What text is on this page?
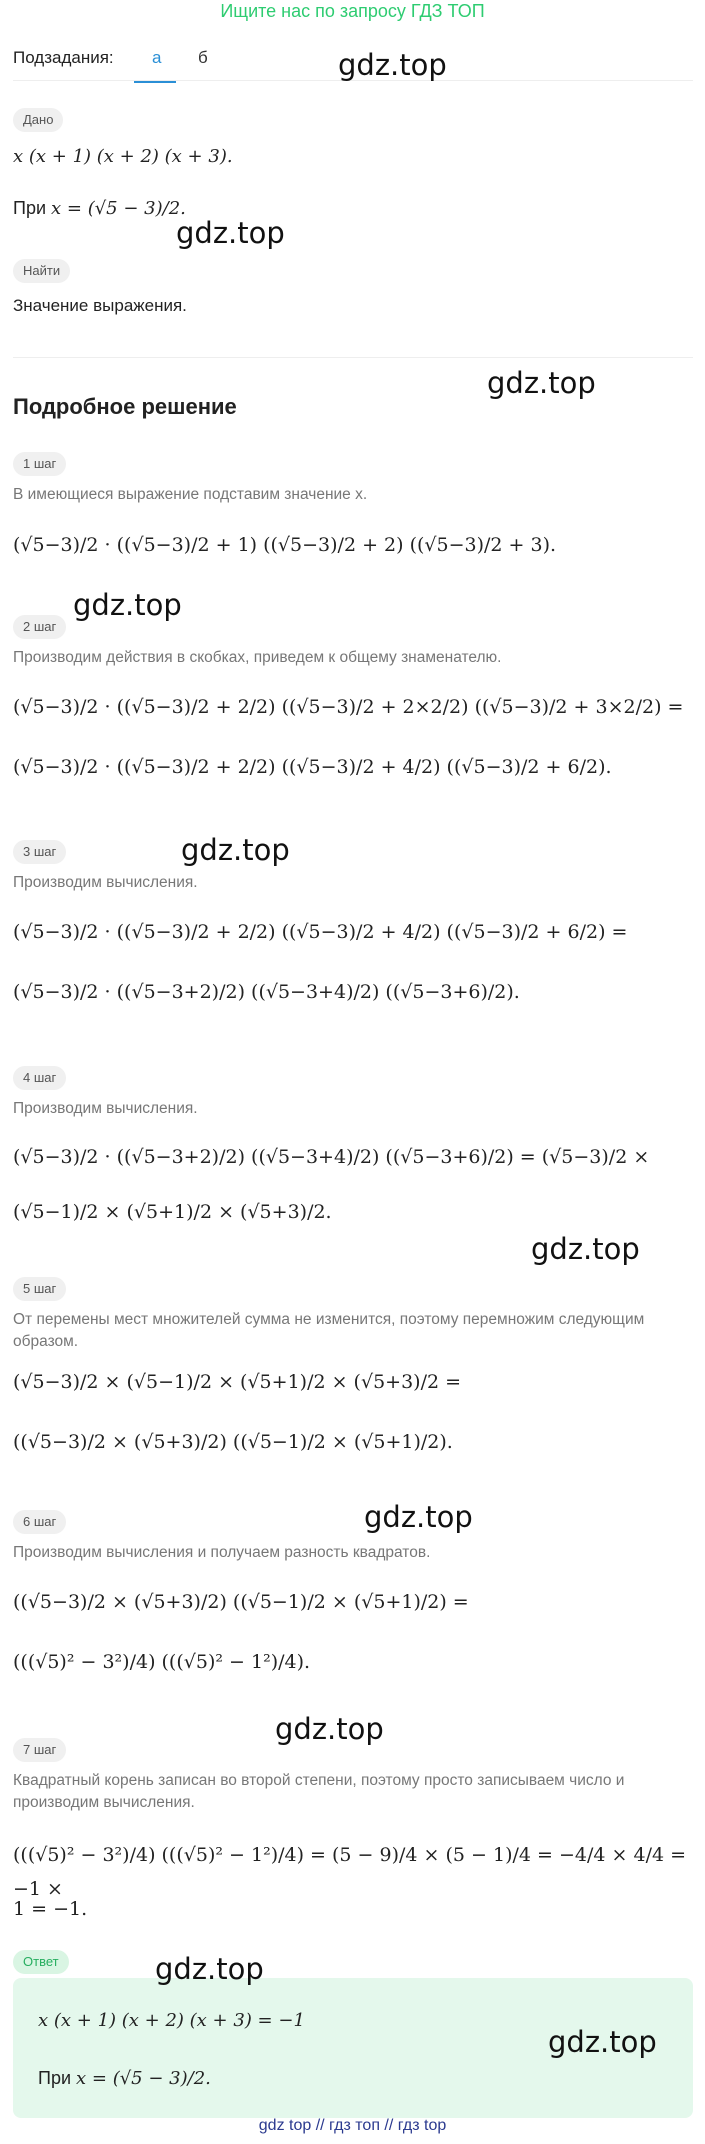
Ищите нас по запросу ГДЗ ТОП
Подзадания: а б
Дано
x (x + 1) (x + 2) (x + 3).
При x = (√5 − 3)/2.
Найти
Значение выражения.
Подробное решение
1 шаг
В имеющиеся выражение подставим значение x.
(√5−3)/2 · ((√5−3)/2 + 1) ((√5−3)/2 + 2) ((√5−3)/2 + 3).
2 шаг
Производим действия в скобках, приведем к общему знаменателю.
(√5−3)/2 · ((√5−3)/2 + 2/2) ((√5−3)/2 + 2×2/2) ((√5−3)/2 + 3×2/2) =
(√5−3)/2 · ((√5−3)/2 + 2/2) ((√5−3)/2 + 4/2) ((√5−3)/2 + 6/2).
3 шаг
Производим вычисления.
(√5−3)/2 · ((√5−3)/2 + 2/2) ((√5−3)/2 + 4/2) ((√5−3)/2 + 6/2) =
(√5−3)/2 · ((√5−3+2)/2) ((√5−3+4)/2) ((√5−3+6)/2).
4 шаг
Производим вычисления.
(√5−3)/2 · ((√5−3+2)/2) ((√5−3+4)/2) ((√5−3+6)/2) = (√5−3)/2 ×
(√5−1)/2 × (√5+1)/2 × (√5+3)/2.
5 шаг
От перемены мест множителей сумма не изменится, поэтому перемножим следующим образом.
(√5−3)/2 × (√5−1)/2 × (√5+1)/2 × (√5+3)/2 =
((√5−3)/2 × (√5+3)/2) ((√5−1)/2 × (√5+1)/2).
6 шаг
Производим вычисления и получаем разность квадратов.
((√5−3)/2 × (√5+3)/2) ((√5−1)/2 × (√5+1)/2) =
(((√5)² − 3²)/4) (((√5)² − 1²)/4).
7 шаг
Квадратный корень записан во второй степени, поэтому просто записываем число и производим вычисления.
(((√5)² − 3²)/4) (((√5)² − 1²)/4) = (5 − 9)/4 × (5 − 1)/4 = −4/4 × 4/4 = −1 ×
1 = −1.
Ответ
x (x + 1) (x + 2) (x + 3) = −1
При x = (√5 − 3)/2.
gdz top // гдз топ // гдз top
gdz.top
gdz.top
gdz.top
gdz.top
gdz.top
gdz.top
gdz.top
gdz.top
gdz.top
gdz.top
